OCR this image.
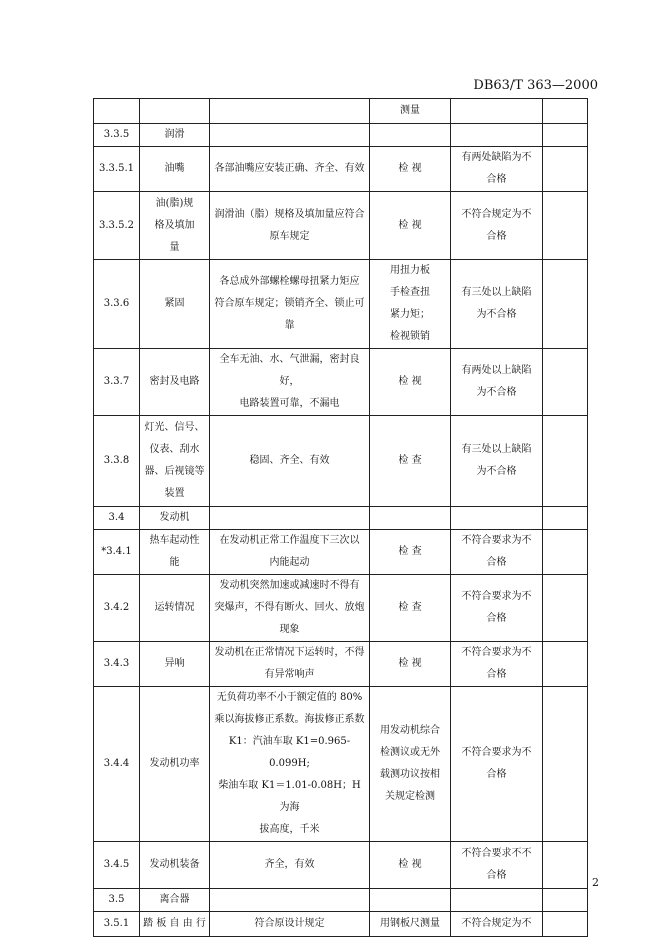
DB63/T 363—2000
			测量		
3.3.5	润滑				
3.3.5.1	油嘴	各部油嘴应安装正确、齐全、有效	检 视	有两处缺陷为不
合格	
3.3.5.2	油(脂)规
格及填加
量	润滑油（脂）规格及填加量应符合
原车规定	检 视	不符合规定为不
合格	
3.3.6	紧固	各总成外部螺栓螺母扭紧力矩应
符合原车规定；锁销齐全、锁止可
靠	用扭力板
手检查扭
紧力矩；
检视锁销	有三处以上缺陷
为不合格	
3.3.7	密封及电路	全车无油、水、气泄漏，密封良好，
电路装置可靠，不漏电	检 视	有两处以上缺陷
为不合格	
3.3.8	灯光、信号、
仪表、刮水
器、后视镜等
装置	稳固、齐全、有效	检 查	有三处以上缺陷
为不合格	
3.4	发动机				
*3.4.1	热车起动性
能	在发动机正常工作温度下三次以
内能起动	检 查	不符合要求为不
合格	
3.4.2	运转情况	发动机突然加速或减速时不得有
突爆声，不得有断火、回火、放炮
现象	检 查	不符合要求为不
合格	
3.4.3	异响	发动机在正常情况下运转时，不得
有异常响声	检 视	不符合要求为不
合格	
3.4.4	发动机功率	无负荷功率不小于额定值的 80%
乘以海拔修正系数。海拔修正系数
K1：汽油车取 K1=0.965-0.099H;
柴油车取 K1＝1.01-0.08H；H 为海
拔高度，千米	用发动机综合
检测议或无外
载测功议按相
关规定检测	不符合要求为不
合格	
3.4.5	发动机装备	齐全，有效	检 视	不符合要求不不
合格	
3.5	离合器				
3.5.1	踏 板 自 由 行	符合原设计规定	用钢板尺测量	不符合规定为不	
2
